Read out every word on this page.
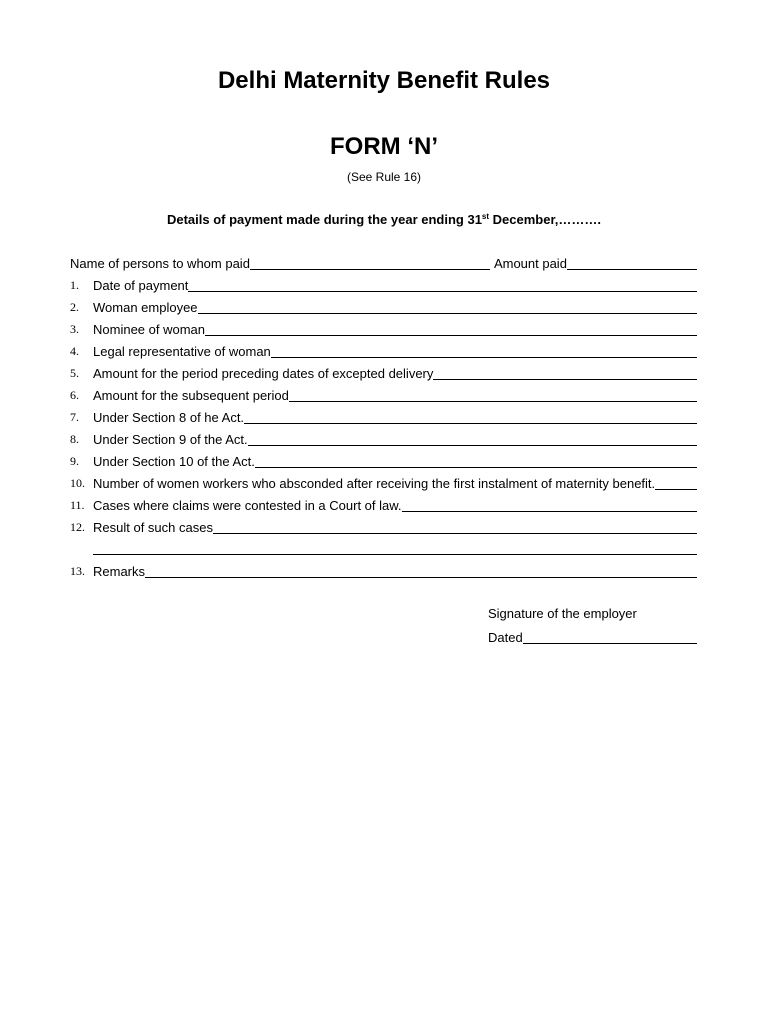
Delhi Maternity Benefit Rules
FORM ‘N’
(See Rule 16)
Details of payment made during the year ending 31st December,……….
Name of persons to whom paid	Amount paid
1.	Date of payment
2.	Woman employee
3.	Nominee of woman
4.	Legal representative of woman
5.	Amount for the period preceding dates of excepted delivery
6.	Amount for the subsequent period
7.	Under Section 8 of he Act.
8.	Under Section 9 of the Act.
9.	Under Section 10 of the Act.
10. Number of women workers who absconded after receiving the first instalment of maternity benefit.
11. Cases where claims were contested in a Court of law.
12. Result of such cases
13. Remarks
Signature of the employer
Dated
